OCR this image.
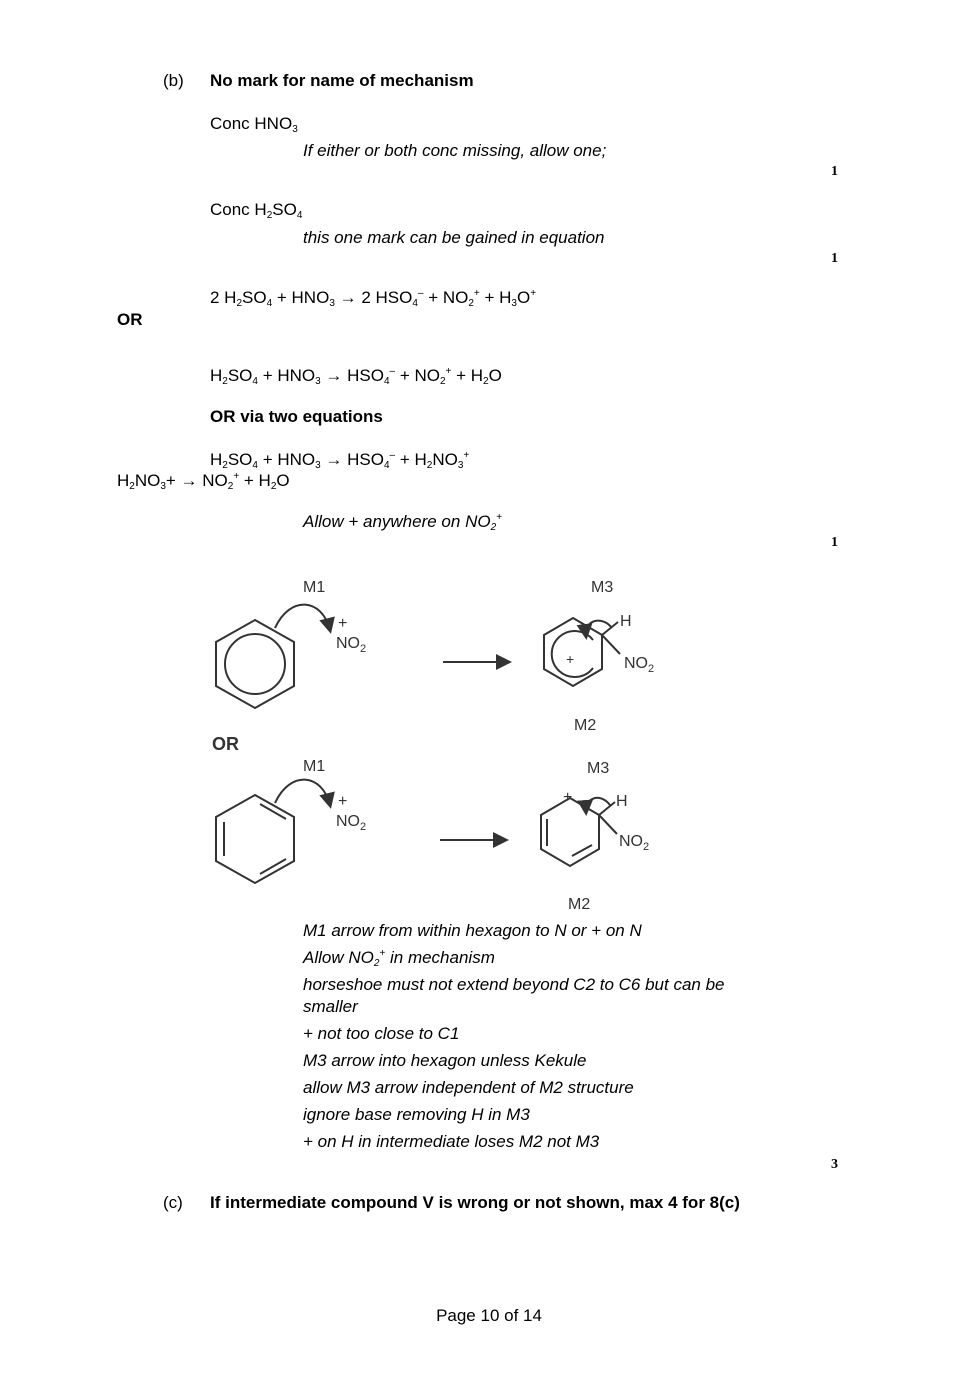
(b) No mark for name of mechanism
Conc $HNO_3$
If either or both conc missing, allow one;
1
Conc $H_2SO_4$
this one mark can be gained in equation
1
2 $H_2SO_4 + HNO_3 \to 2$ $HSO_4^- + NO_2^+ + H_3O^+$
OR
$H_2SO_4 + HNO_3 \to HSO_4^- + NO_2^+ + H_2O$
OR via two equations
$H_2SO_4 + HNO_3 \to HSO_4^- + H_2NO_3^+$
$H_2NO_3+ \to NO_2^+ + H_2O$
Allow + anywhere on $NO_2^+$
1
M1
+
$NO_2$
M3
H
+	$NO_2$
M2
OR
M1	M3
+
$NO_2$
+	H
$NO_2$
M2
M1 arrow from within hexagon to N or + on N
Allow $NO_2^+$ in mechanism
horseshoe must not extend beyond C2 to C6 but can be smaller
+ not too close to C1
M3 arrow into hexagon unless Kekule
allow M3 arrow independent of M2 structure
ignore base removing H in M3
+ on H in intermediate loses M2 not M3
3
(c) If intermediate compound V is wrong or not shown, max 4 for 8(c)
Page 10 of 14
